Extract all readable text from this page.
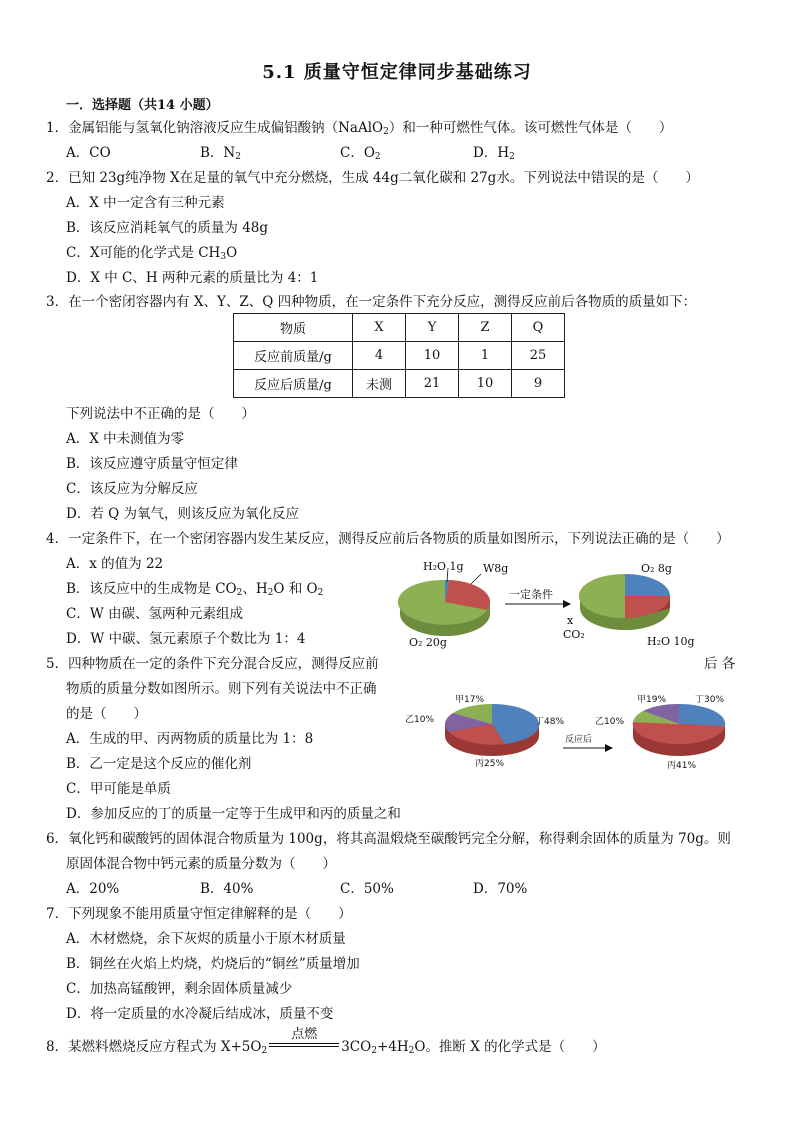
5.1 质量守恒定律同步基础练习
一．选择题（共14 小题）
1．金属铝能与氢氧化钠溶液反应生成偏铝酸钠（NaAlO$_2$）和一种可燃性气体。该可燃性气体是（　　）
A．CO	B．$N_2$	C．$O_2$	D．$H_2$
2．已知 23g纯净物 X在足量的氧气中充分燃烧，生成 44g二氧化碳和 27g水。下列说法中错误的是（　　）
A．X 中一定含有三种元素
B．该反应消耗氧气的质量为 48g
C．X可能的化学式是 $CH_3O$
D．X 中 C、H 两种元素的质量比为 4：1
3．在一个密闭容器内有 X、Y、Z、Q 四种物质，在一定条件下充分反应，测得反应前后各物质的质量如下：
物质	X	Y	Z	Q
反应前质量/g	4	10	1	25
反应后质量/g	未测	21	10	9
下列说法中不正确的是（　　）
A．X 中未测值为零
B．该反应遵守质量守恒定律
C．该反应为分解反应
D．若 Q 为氧气，则该反应为氧化反应
4．一定条件下，在一个密闭容器内发生某反应，测得反应前后各物质的质量如图所示，下列说法正确的是（　　）
A．x 的值为 22
B．该反应中的生成物是 $CO_2$、$H_2O$ 和 $O_2$
C．W 由碳、氢两种元素组成
D．W 中碳、氢元素原子个数比为 1：4
H₂O 1g W8g
O₂ 20g
一定条件
O₂ 8g
x
CO₂
H₂O 10g
5．四种物质在一定的条件下充分混合反应，测得反应前	后 各
物质的质量分数如图所示。则下列有关说法中不正确
的是（　　）
A．生成的甲、丙两物质的质量比为 1：8
B．乙一定是这个反应的催化剂
C．甲可能是单质
D．参加反应的丁的质量一定等于生成甲和丙的质量之和
甲17%
乙10%	丁48%
丙25%
反应后
甲19%	丁30%
乙10%
丙41%
6．氧化钙和碳酸钙的固体混合物质量为 100g，将其高温煅烧至碳酸钙完全分解，称得剩余固体的质量为 70g。则
原固体混合物中钙元素的质量分数为（　　）
A．20%	B．40%	C．50%	D．70%
7．下列现象不能用质量守恒定律解释的是（　　）
A．木材燃烧，余下灰烬的质量小于原木材质量
B．铜丝在火焰上灼烧，灼烧后的“铜丝”质量增加
C．加热高锰酸钾，剩余固体质量减少
D．将一定质量的水冷凝后结成冰，质量不变
8．某燃料燃烧反应方程式为 $X+5O_2$
点燃
$3CO_2+4H_2O$。推断 X 的化学式是（　　）
